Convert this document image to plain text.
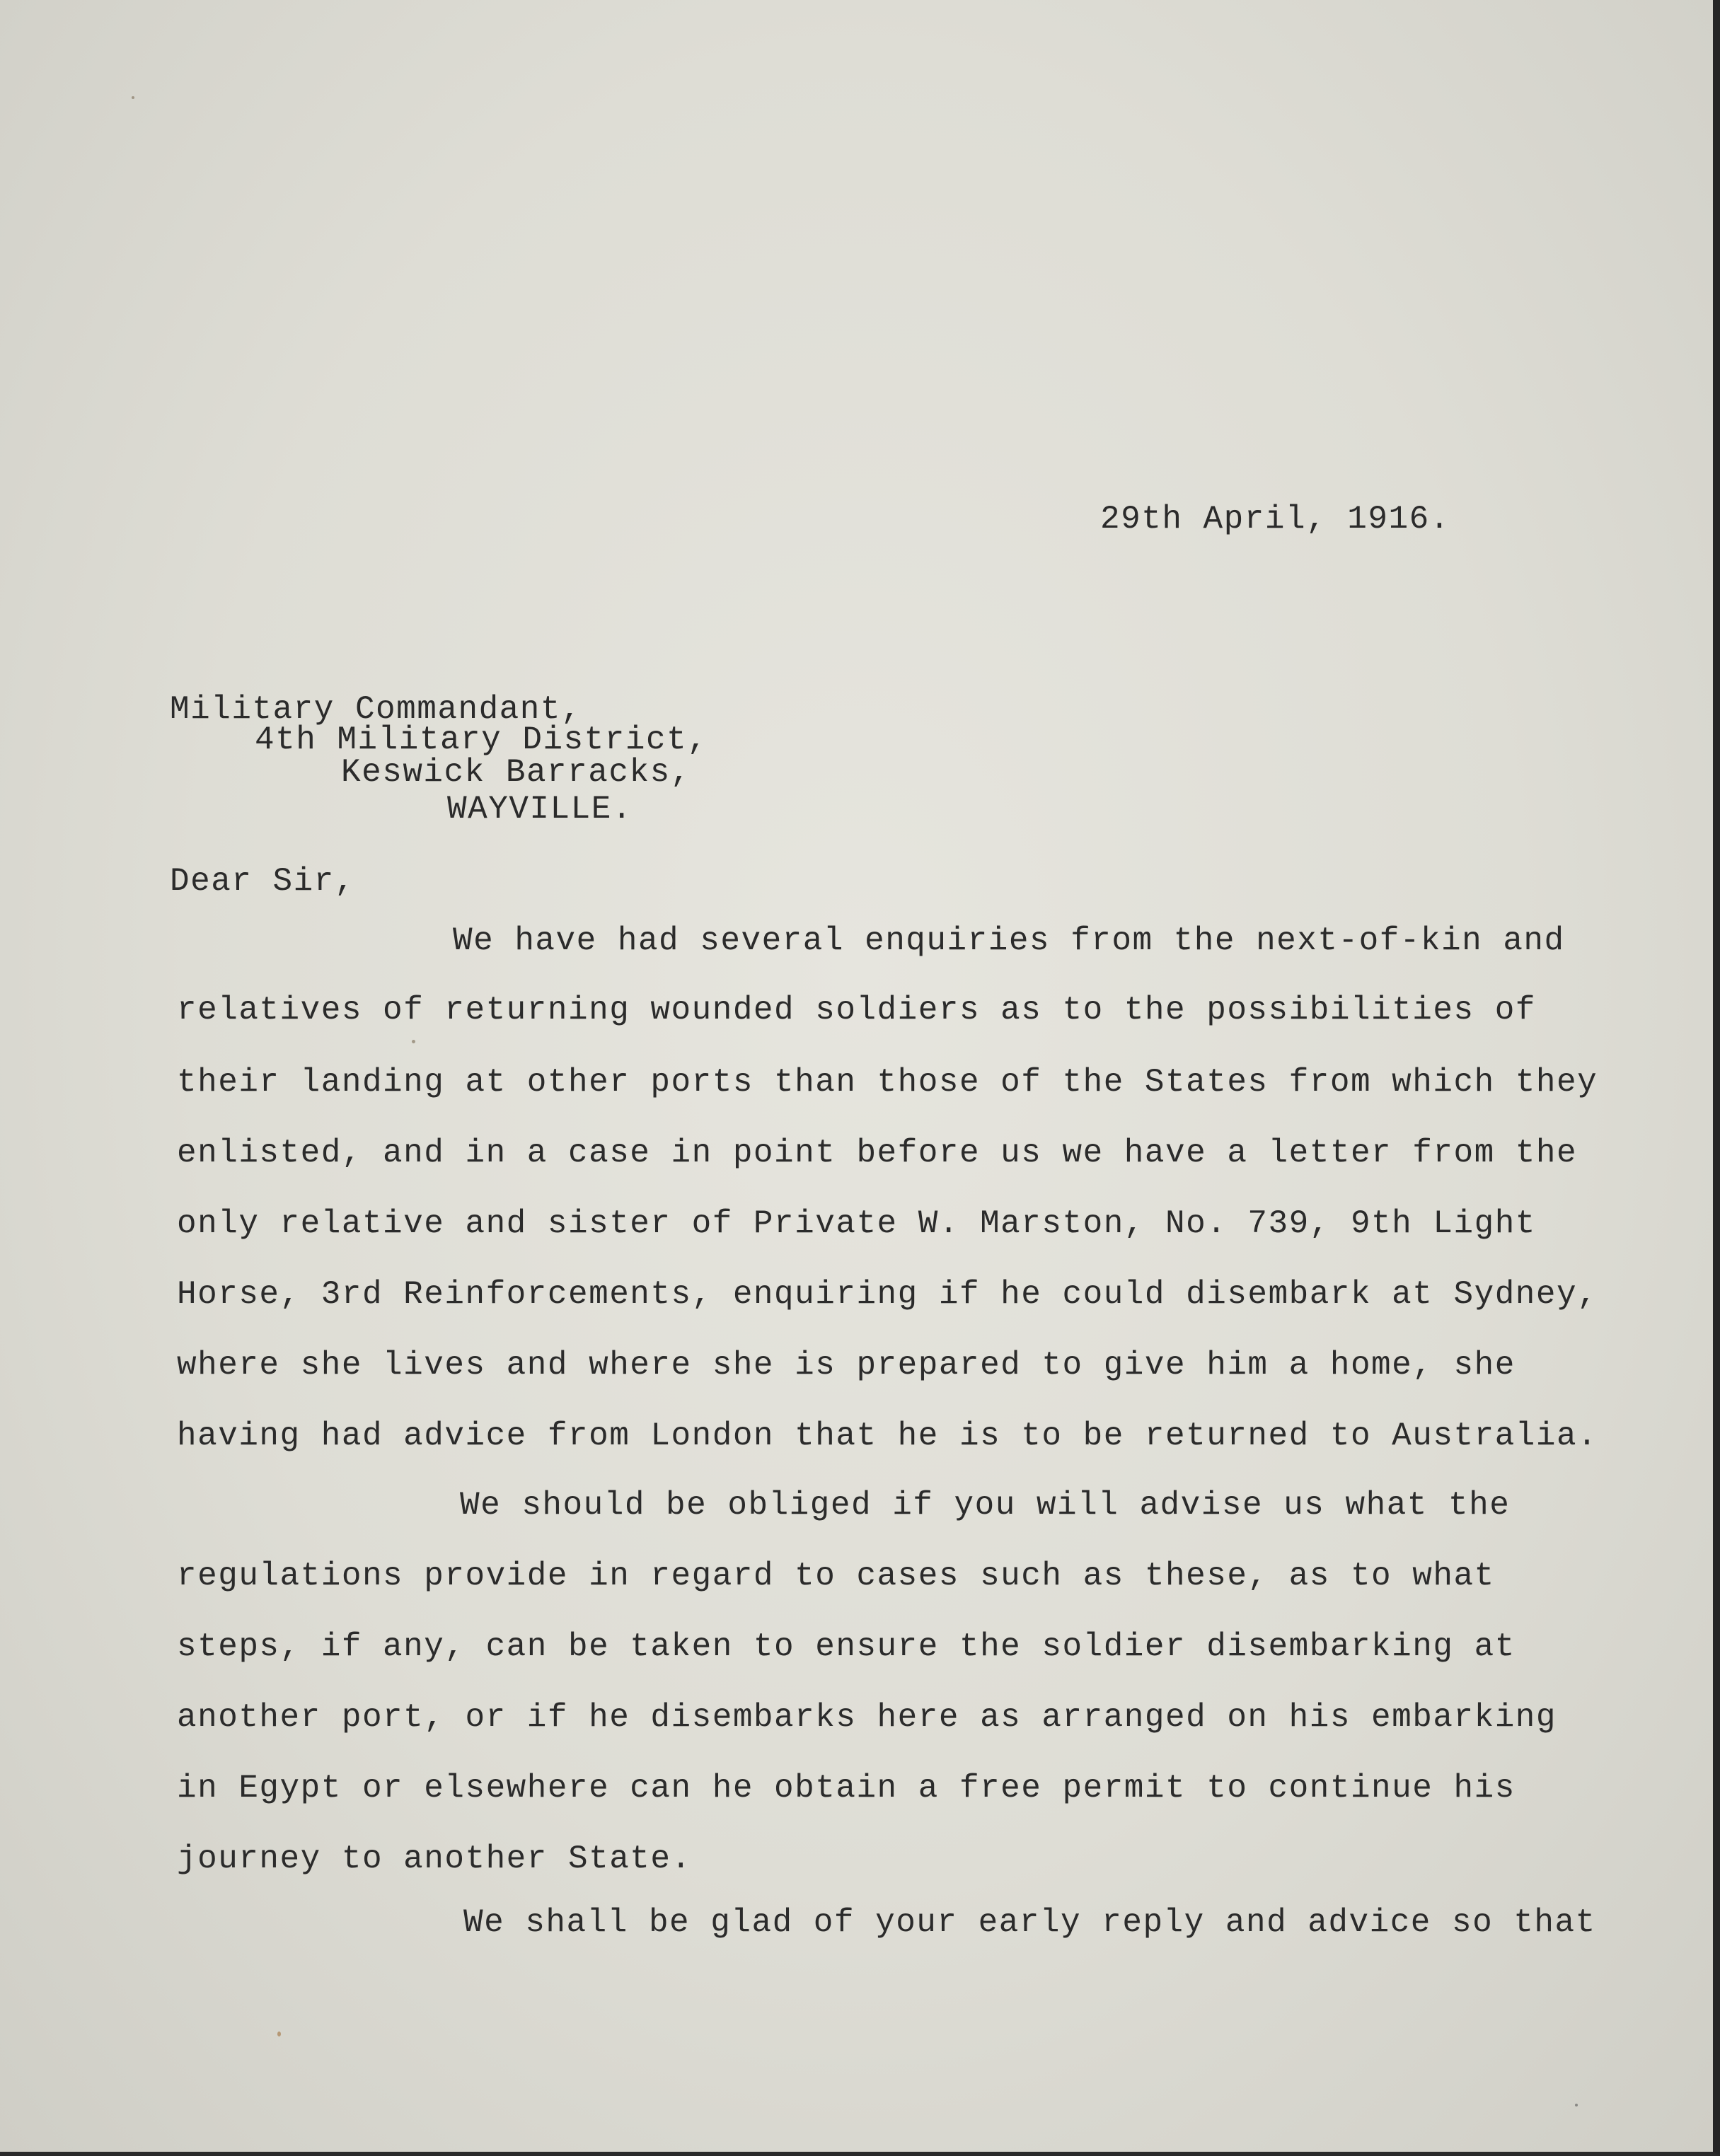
29th April, 1916.
Military Commandant,
4th Military District,
Keswick Barracks,
WAYVILLE.
Dear Sir,
We have had several enquiries from the next-of-kin and
relatives of returning wounded soldiers as to the possibilities of
their landing at other ports than those of the States from which they
enlisted, and in a case in point before us we have a letter from the
only relative and sister of Private W. Marston, No. 739, 9th Light
Horse, 3rd Reinforcements, enquiring if he could disembark at Sydney,
where she lives and where she is prepared to give him a home, she
having had advice from London that he is to be returned to Australia.
We should be obliged if you will advise us what the
regulations provide in regard to cases such as these, as to what
steps, if any, can be taken to ensure the soldier disembarking at
another port, or if he disembarks here as arranged on his embarking
in Egypt or elsewhere can he obtain a free permit to continue his
journey to another State.
We shall be glad of your early reply and advice so that
